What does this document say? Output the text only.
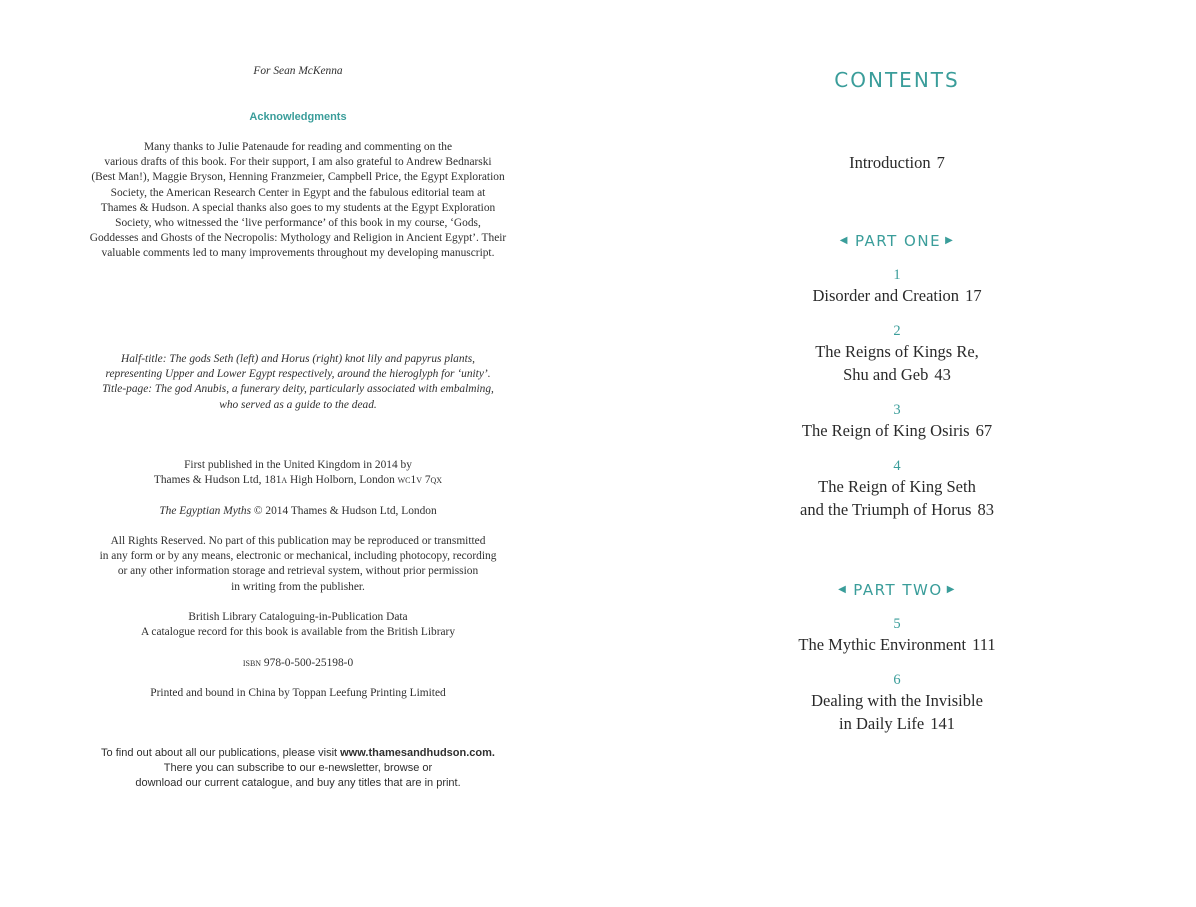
For Sean McKenna
Acknowledgments
Many thanks to Julie Patenaude for reading and commenting on the
various drafts of this book. For their support, I am also grateful to Andrew Bednarski
(Best Man!), Maggie Bryson, Henning Franzmeier, Campbell Price, the Egypt Exploration
Society, the American Research Center in Egypt and the fabulous editorial team at
Thames & Hudson. A special thanks also goes to my students at the Egypt Exploration
Society, who witnessed the ‘live performance’ of this book in my course, ‘Gods,
Goddesses and Ghosts of the Necropolis: Mythology and Religion in Ancient Egypt’. Their
valuable comments led to many improvements throughout my developing manuscript.
Half-title: The gods Seth (left) and Horus (right) knot lily and papyrus plants,
representing Upper and Lower Egypt respectively, around the hieroglyph for ‘unity’.
Title-page: The god Anubis, a funerary deity, particularly associated with embalming,
who served as a guide to the dead.
First published in the United Kingdom in 2014 by
Thames & Hudson Ltd, 181a High Holborn, London wc1v 7qx
The Egyptian Myths © 2014 Thames & Hudson Ltd, London
All Rights Reserved. No part of this publication may be reproduced or transmitted
in any form or by any means, electronic or mechanical, including photocopy, recording
or any other information storage and retrieval system, without prior permission
in writing from the publisher.
British Library Cataloguing-in-Publication Data
A catalogue record for this book is available from the British Library
isbn 978-0-500-25198-0
Printed and bound in China by Toppan Leefung Printing Limited
To find out about all our publications, please visit www.thamesandhudson.com.
There you can subscribe to our e-newsletter, browse or
download our current catalogue, and buy any titles that are in print.
CONTENTS
Introduction 7
◀ PART ONE ▶
1
Disorder and Creation 17
2
The Reigns of Kings Re,
Shu and Geb 43
3
The Reign of King Osiris 67
4
The Reign of King Seth
and the Triumph of Horus 83
◀ PART TWO ▶
5
The Mythic Environment 111
6
Dealing with the Invisible
in Daily Life 141
